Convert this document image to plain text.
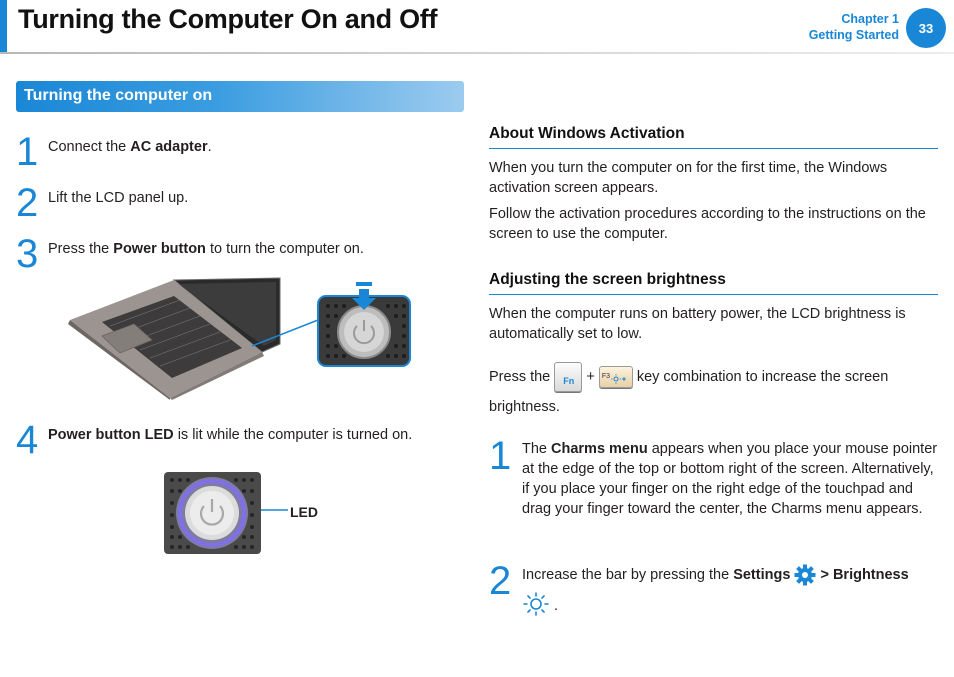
Turning the Computer On and Off	Chapter 1
Getting Started	33
Turning the computer on
1 Connect the AC adapter.
2 Lift the LCD panel up.
3 Press the Power button to turn the computer on.
4 Power button LED is lit while the computer is turned on.
LED
About Windows Activation
When you turn the computer on for the first time, the Windows activation screen appears.
Follow the activation procedures according to the instructions on the screen to use the computer.
Adjusting the screen brightness
When the computer runs on battery power, the LCD brightness is automatically set to low.
Press the Fn + F3 key combination to increase the screen
brightness.
1 The Charms menu appears when you place your mouse pointer at the edge of the top or bottom right of the screen. Alternatively, if you place your finger on the right edge of the touchpad and drag your finger toward the center, the Charms menu appears.
2 Increase the bar by pressing the Settings  > Brightness
.
